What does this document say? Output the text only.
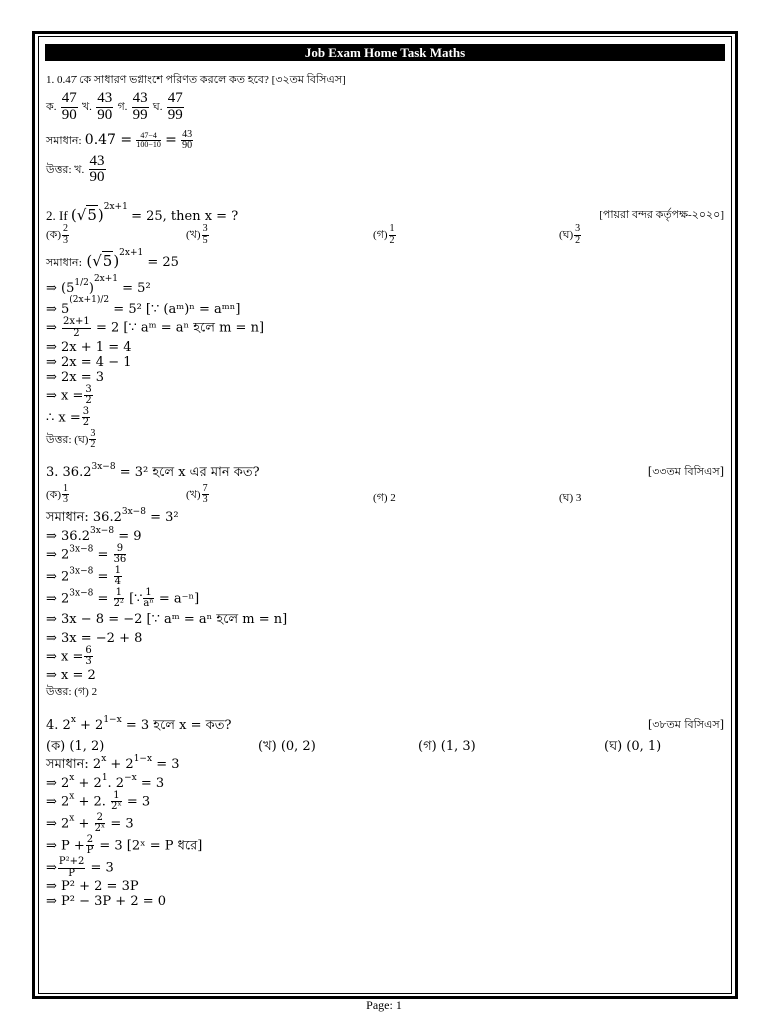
Job Exam Home Task Maths
1. 0.47̇ কে সাধারণ ভগ্নাংশে পরিণত করলে কত হবে? [৩২তম বিসিএস]
ক. $\frac{47}{90}$ খ. $\frac{43}{90}$ গ. $\frac{43}{99}$ ঘ. $\frac{47}{99}$
সমাধান: 0.47̇ = $\frac{47-4}{100-10} = \frac{43}{90}$
উত্তর: খ. $\frac{43}{90}$
2. If $(√5)^{2x+1} = 25$, then x = ?	[পায়রা বন্দর কর্তৃপক্ষ-২০২০]
(ক) $\frac{2}{3}$	(খ) $\frac{3}{5}$	(গ) $\frac{1}{2}$	(ঘ) $\frac{3}{2}$
সমাধান: $(√5)^{2x+1} = 25$
⇒ $(5^{1/2})^{2x+1} = 5^2$
⇒ $5^{(2x+1)/2} = 5^2$ [∵ (aᵐ)ⁿ = aᵐⁿ]
⇒ $\frac{2x+1}{2} = 2$ [∵ aᵐ = aⁿ হলে m = n]
⇒ 2x + 1 = 4
⇒ 2x = 4 − 1
⇒ 2x = 3
⇒ $x = \frac{3}{2}$
∴ $x = \frac{3}{2}$
উত্তর: (ঘ) $\frac{3}{2}$
3. $36.2^{3x-8} = 3^2$ হলে x এর মান কত?	[৩৩তম বিসিএস]
(ক) $\frac{1}{3}$	(খ) $\frac{7}{3}$	(গ) 2	(ঘ) 3
সমাধান: $36.2^{3x-8} = 3^2$
⇒ $36.2^{3x-8} = 9$
⇒ $2^{3x-8} = \frac{9}{36}$
⇒ $2^{3x-8} = \frac{1}{4}$
⇒ $2^{3x-8} = \frac{1}{\text{2²}}$ [∵ $\frac{1}{\text{aⁿ}} = a^{-n}$]
⇒ 3x − 8 = −2 [∵ aᵐ = aⁿ হলে m = n]
⇒ 3x = −2 + 8
⇒ $x = \frac{6}{3}$
⇒ x = 2
উত্তর: (গ) 2
4. $2^x + 2^{1-x} = 3$ হলে x = কত?	[৩৮তম বিসিএস]
(ক) (1, 2)	(খ) (0, 2)	(গ) (1, 3)	(ঘ) (0, 1)
সমাধান: $2^x + 2^{1-x} = 3$
⇒ $2^x + 2^1$. $2^{-x} = 3$
⇒ $2^x + 2$. $\frac{1}{\text{2ˣ}} = 3$
⇒ $2^x + \frac{2}{\text{2ˣ}} = 3$
⇒ $P + \frac{2}{P} = 3$ [2ˣ = P ধরে]
⇒ $\frac{\text{P²+2}}{P} = 3$
⇒ P² + 2 = 3P
⇒ P² − 3P + 2 = 0
Page: 1
